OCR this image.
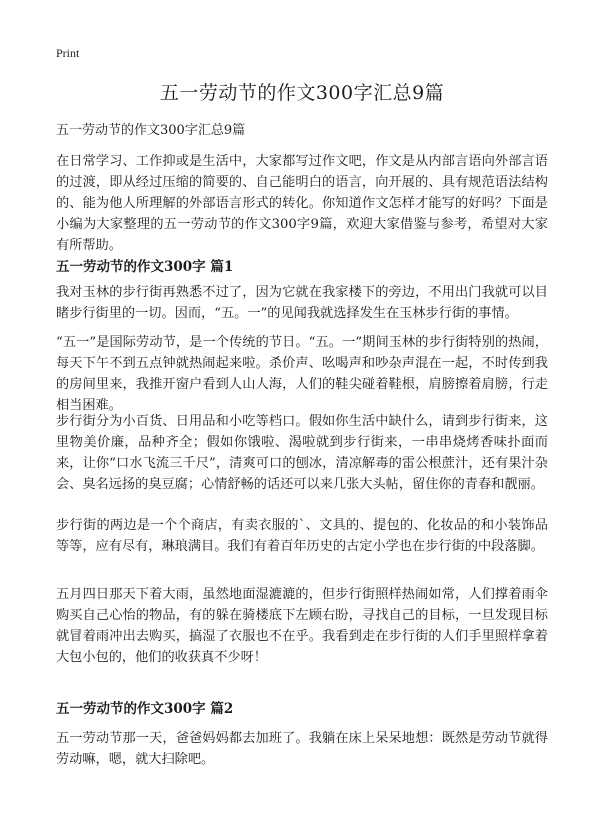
Print
五一劳动节的作文300字汇总9篇

五一劳动节的作文300字汇总9篇

在日常学习、工作抑或是生活中，大家都写过作文吧，作文是从内部言语向外部言语的过渡，即从经过压缩的简要的、自己能明白的语言，向开展的、具有规范语法结构的、能为他人所理解的外部语言形式的转化。你知道作文怎样才能写的好吗？下面是小编为大家整理的五一劳动节的作文300字9篇，欢迎大家借鉴与参考，希望对大家有所帮助。

五一劳动节的作文300字 篇1

我对玉林的步行街再熟悉不过了，因为它就在我家楼下的旁边，不用出门我就可以目睹步行街里的一切。因而，“五。一”的见闻我就选择发生在玉林步行街的事情。

“五一”是国际劳动节，是一个传统的节日。“五。一”期间玉林的步行街特别的热闹，每天下午不到五点钟就热闹起来啦。杀价声、吆喝声和吵杂声混在一起，不时传到我的房间里来，我推开窗户看到人山人海，人们的鞋尖碰着鞋根，肩膀擦着肩膀，行走相当困难。

步行街分为小百货、日用品和小吃等档口。假如你生活中缺什么，请到步行街来，这里物美价廉，品种齐全；假如你饿啦、渴啦就到步行街来，一串串烧烤香味扑面而来，让你“口水飞流三千尺”，清爽可口的刨冰，清凉解毒的雷公根蔗汁，还有果汁杂会、臭名远扬的臭豆腐；心情舒畅的话还可以来几张大头帖，留住你的青春和靓丽。

步行街的两边是一个个商店，有卖衣服的`、文具的、提包的、化妆品的和小装饰品等等，应有尽有，琳琅满目。我们有着百年历史的古定小学也在步行街的中段落脚。

五月四日那天下着大雨，虽然地面湿漉漉的，但步行街照样热闹如常，人们撑着雨伞购买自己心怡的物品，有的躲在骑楼底下左顾右盼，寻找自己的目标，一旦发现目标就冒着雨冲出去购买，搞湿了衣服也不在乎。我看到走在步行街的人们手里照样拿着大包小包的，他们的收获真不少呀！

五一劳动节的作文300字 篇2

五一劳动节那一天，爸爸妈妈都去加班了。我躺在床上呆呆地想：既然是劳动节就得劳动嘛，嗯，就大扫除吧。
